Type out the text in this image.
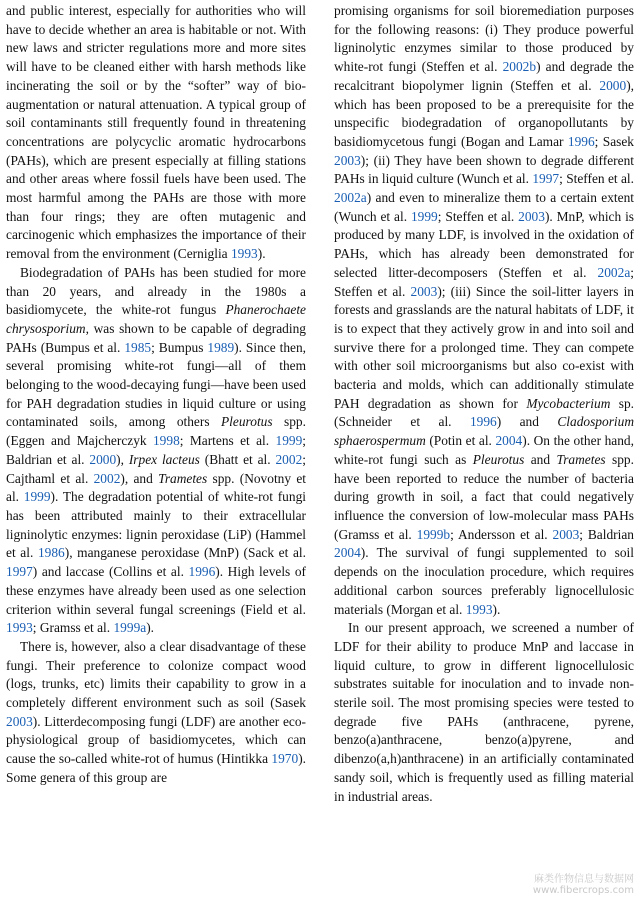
and public interest, especially for authorities who will have to decide whether an area is habitable or not. With new laws and stricter regulations more and more sites will have to be cleaned either with harsh methods like incinerating the soil or by the “softer” way of bioaugmentation or natural attenuation. A typical group of soil contaminants still frequently found in threatening concentrations are polycyclic aromatic hydrocarbons (PAHs), which are present especially at filling stations and other areas where fossil fuels have been used. The most harmful among the PAHs are those with more than four rings; they are often mutagenic and carcinogenic which emphasizes the importance of their removal from the environment (Cerniglia 1993).

Biodegradation of PAHs has been studied for more than 20 years, and already in the 1980s a basidiomycete, the white-rot fungus Phanerochaete chrysosporium, was shown to be capable of degrading PAHs (Bumpus et al. 1985; Bumpus 1989). Since then, several promising white-rot fungi—all of them belonging to the wood-decaying fungi—have been used for PAH degradation studies in liquid culture or using contaminated soils, among others Pleurotus spp. (Eggen and Majcherczyk 1998; Martens et al. 1999; Baldrian et al. 2000), Irpex lacteus (Bhatt et al. 2002; Cajthaml et al. 2002), and Trametes spp. (Novotny et al. 1999). The degradation potential of white-rot fungi has been attributed mainly to their extracellular ligninolytic enzymes: lignin peroxidase (LiP) (Hammel et al. 1986), manganese peroxidase (MnP) (Sack et al. 1997) and laccase (Collins et al. 1996). High levels of these enzymes have already been used as one selection criterion within several fungal screenings (Field et al. 1993; Gramss et al. 1999a).

There is, however, also a clear disadvantage of these fungi. Their preference to colonize compact wood (logs, trunks, etc) limits their capability to grow in a completely different environment such as soil (Sasek 2003). Litterdecomposing fungi (LDF) are another ecophysiological group of basidiomycetes, which can cause the so-called white-rot of humus (Hintikka 1970). Some genera of this group are

promising organisms for soil bioremediation purposes for the following reasons: (i) They produce powerful ligninolytic enzymes similar to those produced by white-rot fungi (Steffen et al. 2002b) and degrade the recalcitrant biopolymer lignin (Steffen et al. 2000), which has been proposed to be a prerequisite for the unspecific biodegradation of organopollutants by basidiomycetous fungi (Bogan and Lamar 1996; Sasek 2003); (ii) They have been shown to degrade different PAHs in liquid culture (Wunch et al. 1997; Steffen et al. 2002a) and even to mineralize them to a certain extent (Wunch et al. 1999; Steffen et al. 2003). MnP, which is produced by many LDF, is involved in the oxidation of PAHs, which has already been demonstrated for selected litter-decomposers (Steffen et al. 2002a; Steffen et al. 2003); (iii) Since the soil-litter layers in forests and grasslands are the natural habitats of LDF, it is to expect that they actively grow in and into soil and survive there for a prolonged time. They can compete with other soil microorganisms but also co-exist with bacteria and molds, which can additionally stimulate PAH degradation as shown for Mycobacterium sp. (Schneider et al. 1996) and Cladosporium sphaerospermum (Potin et al. 2004). On the other hand, white-rot fungi such as Pleurotus and Trametes spp. have been reported to reduce the number of bacteria during growth in soil, a fact that could negatively influence the conversion of low-molecular mass PAHs (Gramss et al. 1999b; Andersson et al. 2003; Baldrian 2004). The survival of fungi supplemented to soil depends on the inoculation procedure, which requires additional carbon sources preferably lignocellulosic materials (Morgan et al. 1993).

In our present approach, we screened a number of LDF for their ability to produce MnP and laccase in liquid culture, to grow in different lignocellulosic substrates suitable for inoculation and to invade non-sterile soil. The most promising species were tested to degrade five PAHs (anthracene, pyrene, benzo(a)anthracene, benzo(a)pyrene, and dibenzo(a,h)anthracene) in an artificially contaminated sandy soil, which is frequently used as filling material in industrial areas.

麻类作物信息与数据网
www.fibercrops.com
